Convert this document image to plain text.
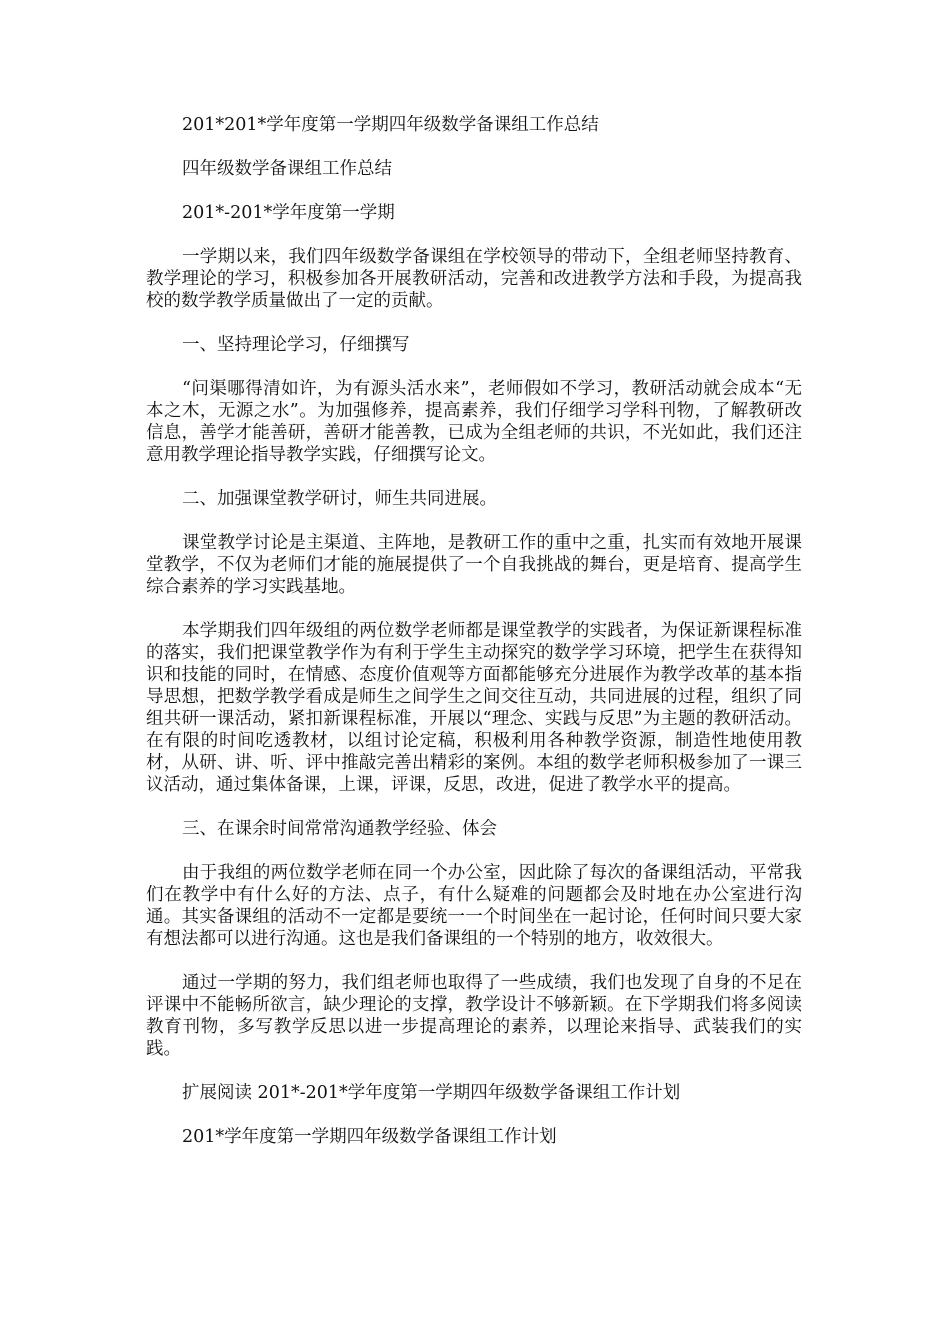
201*201*学年度第一学期四年级数学备课组工作总结

四年级数学备课组工作总结

201*-201*学年度第一学期

一学期以来，我们四年级数学备课组在学校领导的带动下，全组老师坚持教育、教学理论的学习，积极参加各开展教研活动，完善和改进教学方法和手段，为提高我校的数学教学质量做出了一定的贡献。

一、坚持理论学习，仔细撰写

“问渠哪得清如许，为有源头活水来”，老师假如不学习，教研活动就会成本“无本之木，无源之水”。为加强修养，提高素养，我们仔细学习学科刊物，了解教研改信息，善学才能善研，善研才能善教，已成为全组老师的共识，不光如此，我们还注意用教学理论指导教学实践，仔细撰写论文。

二、加强课堂教学研讨，师生共同进展。

课堂教学讨论是主渠道、主阵地，是教研工作的重中之重，扎实而有效地开展课堂教学，不仅为老师们才能的施展提供了一个自我挑战的舞台，更是培育、提高学生综合素养的学习实践基地。

本学期我们四年级组的两位数学老师都是课堂教学的实践者，为保证新课程标准的落实，我们把课堂教学作为有利于学生主动探究的数学学习环境，把学生在获得知识和技能的同时，在情感、态度价值观等方面都能够充分进展作为教学改革的基本指导思想，把数学教学看成是师生之间学生之间交往互动，共同进展的过程，组织了同组共研一课活动，紧扣新课程标准，开展以“理念、实践与反思”为主题的教研活动。在有限的时间吃透教材，以组讨论定稿，积极利用各种教学资源，制造性地使用教材，从研、讲、听、评中推敲完善出精彩的案例。本组的数学老师积极参加了一课三议活动，通过集体备课，上课，评课，反思，改进，促进了教学水平的提高。

三、在课余时间常常沟通教学经验、体会

由于我组的两位数学老师在同一个办公室，因此除了每次的备课组活动，平常我们在教学中有什么好的方法、点子，有什么疑难的问题都会及时地在办公室进行沟通。其实备课组的活动不一定都是要统一一个时间坐在一起讨论，任何时间只要大家有想法都可以进行沟通。这也是我们备课组的一个特别的地方，收效很大。

通过一学期的努力，我们组老师也取得了一些成绩，我们也发现了自身的不足在评课中不能畅所欲言，缺少理论的支撑，教学设计不够新颖。在下学期我们将多阅读教育刊物，多写教学反思以进一步提高理论的素养，以理论来指导、武装我们的实践。

扩展阅读 201*-201*学年度第一学期四年级数学备课组工作计划

201*学年度第一学期四年级数学备课组工作计划
